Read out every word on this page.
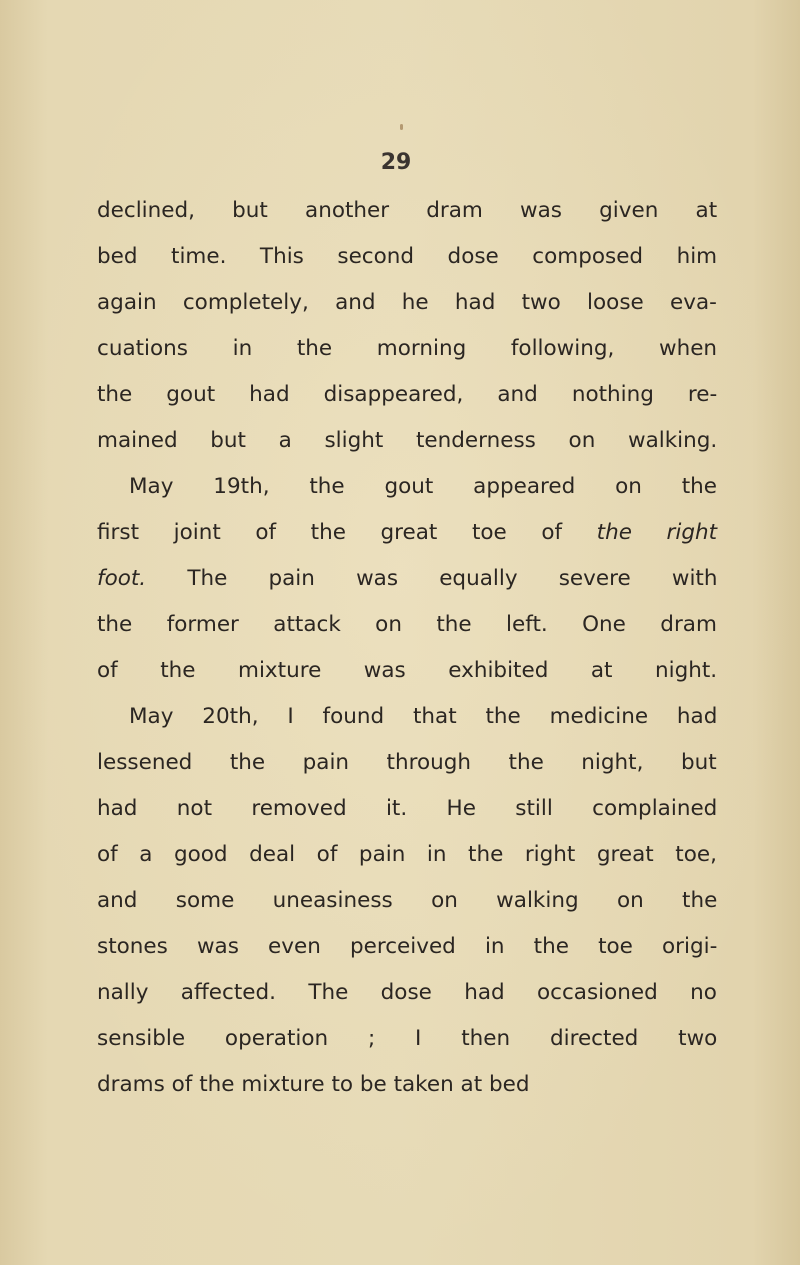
29
declined, but another dram was given at
bed time. This second dose composed him
again completely, and he had two loose eva-
cuations in the morning following, when
the gout had disappeared, and nothing re-
mained but a slight tenderness on walking.
May 19th, the gout appeared on the
first joint of the great toe of the right
foot. The pain was equally severe with
the former attack on the left. One dram
of the mixture was exhibited at night.
May 20th, I found that the medicine had
lessened the pain through the night, but
had not removed it. He still complained
of a good deal of pain in the right great toe,
and some uneasiness on walking on the
stones was even perceived in the toe origi-
nally affected. The dose had occasioned no
sensible operation ; I then directed two
drams of the mixture to be taken at bed
